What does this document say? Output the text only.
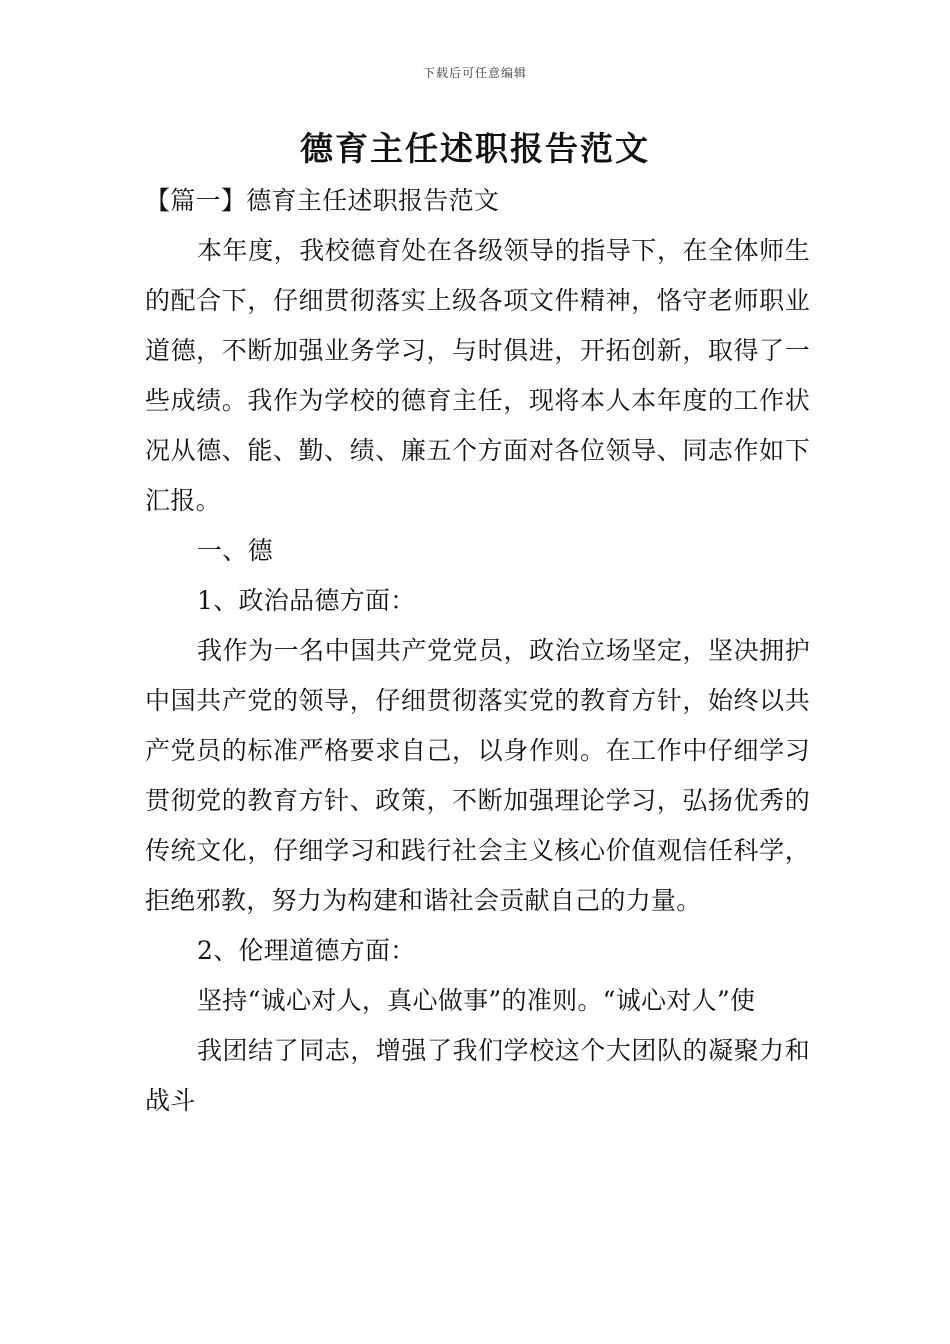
下载后可任意编辑
德育主任述职报告范文

【篇一】德育主任述职报告范文

本年度，我校德育处在各级领导的指导下，在全体师生的配合下，仔细贯彻落实上级各项文件精神，恪守老师职业道德，不断加强业务学习，与时俱进，开拓创新，取得了一些成绩。我作为学校的德育主任，现将本人本年度的工作状况从德、能、勤、绩、廉五个方面对各位领导、同志作如下汇报。

一、德

1、政治品德方面：

我作为一名中国共产党党员，政治立场坚定，坚决拥护中国共产党的领导，仔细贯彻落实党的教育方针，始终以共产党员的标准严格要求自己，以身作则。在工作中仔细学习贯彻党的教育方针、政策，不断加强理论学习，弘扬优秀的传统文化，仔细学习和践行社会主义核心价值观信任科学，拒绝邪教，努力为构建和谐社会贡献自己的力量。

2、伦理道德方面：

坚持“诚心对人，真心做事”的准则。“诚心对人”使

我团结了同志，增强了我们学校这个大团队的凝聚力和战斗
